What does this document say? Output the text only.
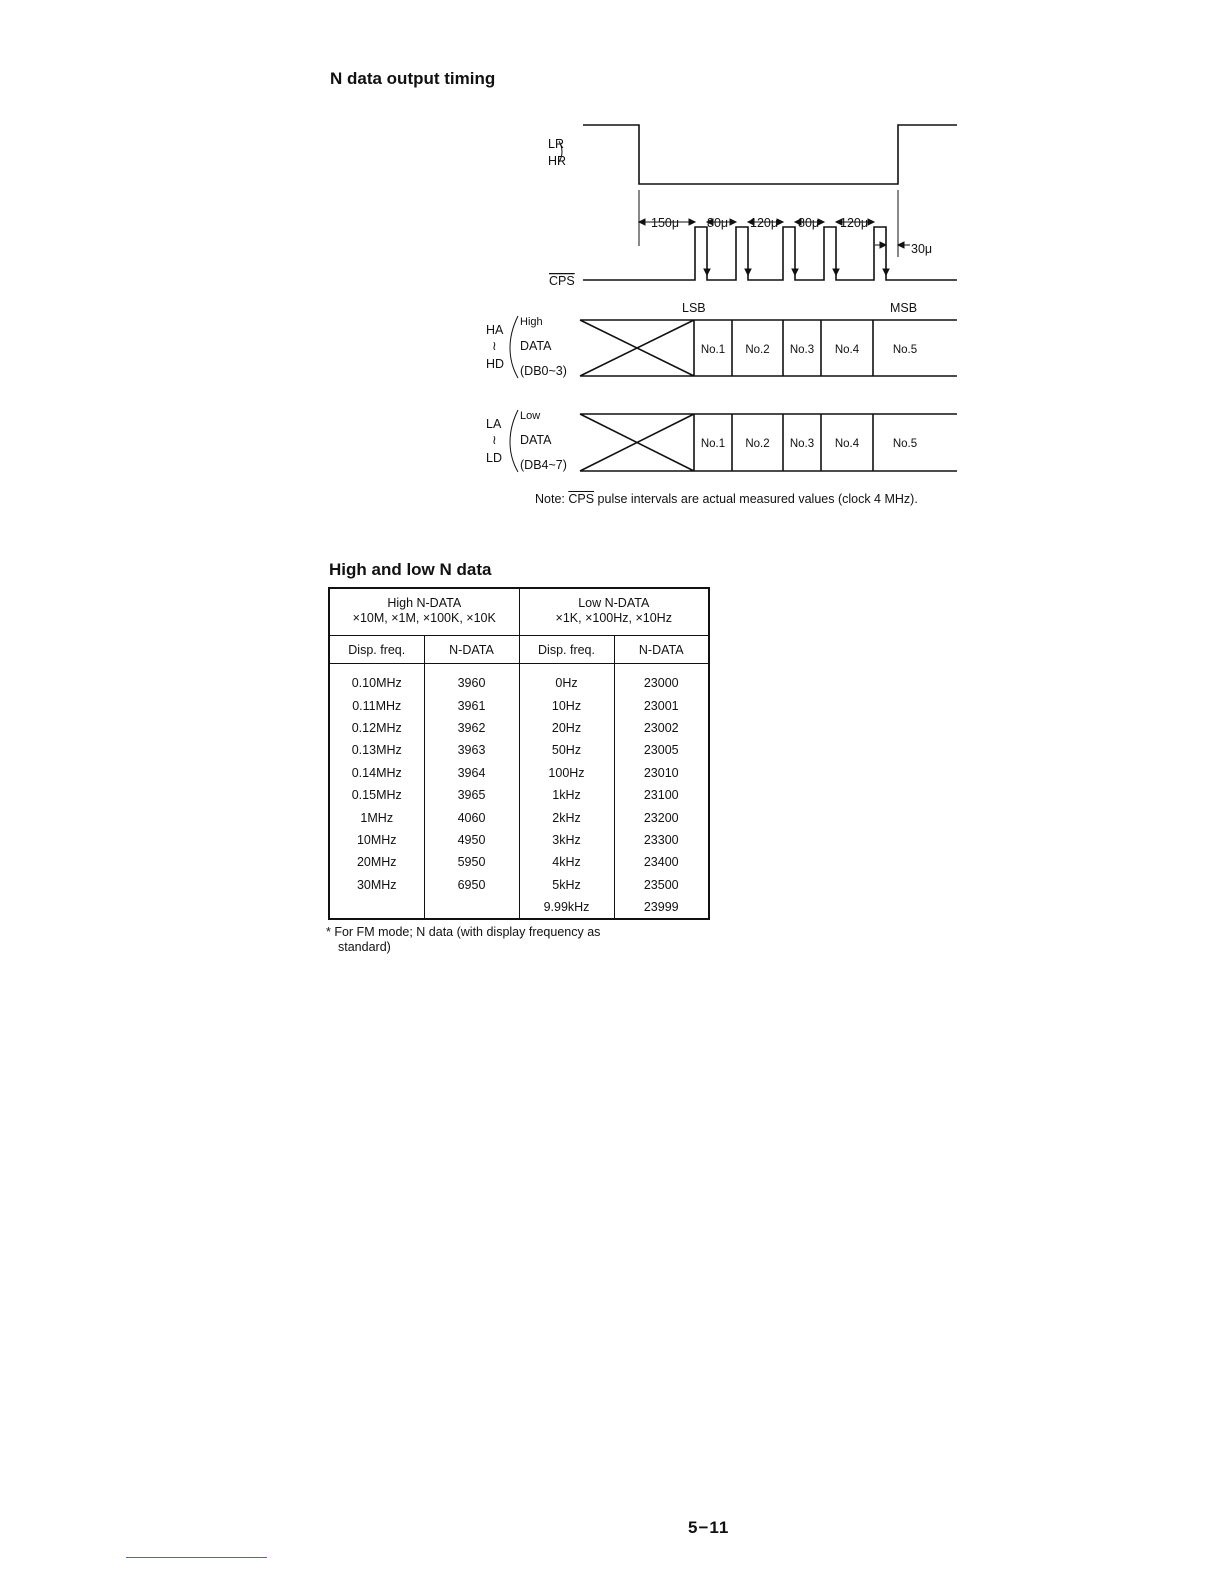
N data output timing
LR
HR
CPS
150μ 80μ 120μ 80μ 120μ
30μ
LSB	MSB
HA
≀
HD
High
DATA
(DB0~3)
LA
≀
LD
Low
DATA
(DB4~7)
No.1 No.2 No.3 No.4	No.5
No.1 No.2 No.3 No.4	No.5
Note: $\overline{CPS}$ pulse intervals are actual measured values (clock 4 MHz).
High and low N data
High N-DATA
×10M, ×1M, ×100K, ×10K		Low N-DATA
×1K, ×100Hz, ×10Hz	
Disp. freq.	N-DATA	Disp. freq.	N-DATA
0.10MHz	3960	0Hz	23000
0.11MHz	3961	10Hz	23001
0.12MHz	3962	20Hz	23002
0.13MHz	3963	50Hz	23005
0.14MHz	3964	100Hz	23010
0.15MHz	3965	1kHz	23100
1MHz	4060	2kHz	23200
10MHz	4950	3kHz	23300
20MHz	5950	4kHz	23400
30MHz	6950	5kHz	23500
		9.99kHz	23999
* For FM mode; N data (with display frequency as
standard)
5−11
